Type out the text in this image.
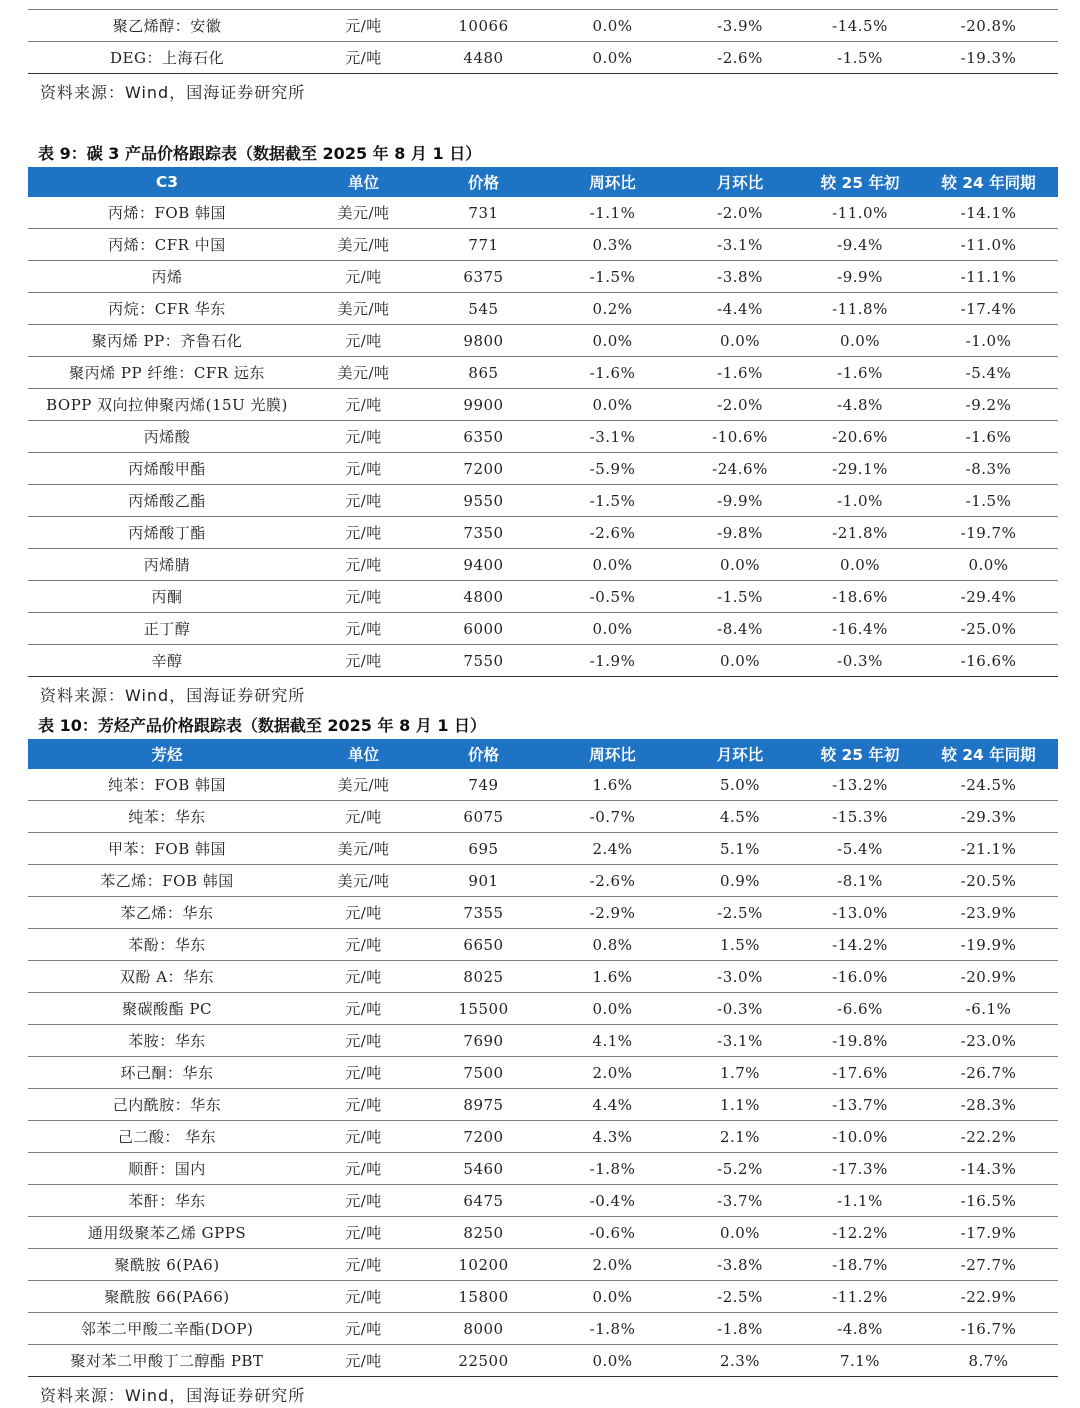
聚乙烯醇：安徽	元/吨	10066	0.0%	-3.9%	-14.5%	-20.8%
DEG：上海石化	元/吨	4480	0.0%	-2.6%	-1.5%	-19.3%
资料来源：Wind，国海证券研究所
表 9：碳 3 产品价格跟踪表（数据截至 2025 年 8 月 1 日）
C3	单位	价格	周环比	月环比	较 25 年初	较 24 年同期
丙烯：FOB 韩国	美元/吨	731	-1.1%	-2.0%	-11.0%	-14.1%
丙烯：CFR 中国	美元/吨	771	0.3%	-3.1%	-9.4%	-11.0%
丙烯	元/吨	6375	-1.5%	-3.8%	-9.9%	-11.1%
丙烷：CFR 华东	美元/吨	545	0.2%	-4.4%	-11.8%	-17.4%
聚丙烯 PP：齐鲁石化	元/吨	9800	0.0%	0.0%	0.0%	-1.0%
聚丙烯 PP 纤维：CFR 远东	美元/吨	865	-1.6%	-1.6%	-1.6%	-5.4%
BOPP 双向拉伸聚丙烯(15U 光膜)	元/吨	9900	0.0%	-2.0%	-4.8%	-9.2%
丙烯酸	元/吨	6350	-3.1%	-10.6%	-20.6%	-1.6%
丙烯酸甲酯	元/吨	7200	-5.9%	-24.6%	-29.1%	-8.3%
丙烯酸乙酯	元/吨	9550	-1.5%	-9.9%	-1.0%	-1.5%
丙烯酸丁酯	元/吨	7350	-2.6%	-9.8%	-21.8%	-19.7%
丙烯腈	元/吨	9400	0.0%	0.0%	0.0%	0.0%
丙酮	元/吨	4800	-0.5%	-1.5%	-18.6%	-29.4%
正丁醇	元/吨	6000	0.0%	-8.4%	-16.4%	-25.0%
辛醇	元/吨	7550	-1.9%	0.0%	-0.3%	-16.6%
资料来源：Wind，国海证券研究所
表 10：芳烃产品价格跟踪表（数据截至 2025 年 8 月 1 日）
芳烃	单位	价格	周环比	月环比	较 25 年初	较 24 年同期
纯苯：FOB 韩国	美元/吨	749	1.6%	5.0%	-13.2%	-24.5%
纯苯：华东	元/吨	6075	-0.7%	4.5%	-15.3%	-29.3%
甲苯：FOB 韩国	美元/吨	695	2.4%	5.1%	-5.4%	-21.1%
苯乙烯：FOB 韩国	美元/吨	901	-2.6%	0.9%	-8.1%	-20.5%
苯乙烯：华东	元/吨	7355	-2.9%	-2.5%	-13.0%	-23.9%
苯酚：华东	元/吨	6650	0.8%	1.5%	-14.2%	-19.9%
双酚 A：华东	元/吨	8025	1.6%	-3.0%	-16.0%	-20.9%
聚碳酸酯 PC	元/吨	15500	0.0%	-0.3%	-6.6%	-6.1%
苯胺：华东	元/吨	7690	4.1%	-3.1%	-19.8%	-23.0%
环己酮：华东	元/吨	7500	2.0%	1.7%	-17.6%	-26.7%
己内酰胺：华东	元/吨	8975	4.4%	1.1%	-13.7%	-28.3%
己二酸： 华东	元/吨	7200	4.3%	2.1%	-10.0%	-22.2%
顺酐：国内	元/吨	5460	-1.8%	-5.2%	-17.3%	-14.3%
苯酐：华东	元/吨	6475	-0.4%	-3.7%	-1.1%	-16.5%
通用级聚苯乙烯 GPPS	元/吨	8250	-0.6%	0.0%	-12.2%	-17.9%
聚酰胺 6(PA6)	元/吨	10200	2.0%	-3.8%	-18.7%	-27.7%
聚酰胺 66(PA66)	元/吨	15800	0.0%	-2.5%	-11.2%	-22.9%
邻苯二甲酸二辛酯(DOP)	元/吨	8000	-1.8%	-1.8%	-4.8%	-16.7%
聚对苯二甲酸丁二醇酯 PBT	元/吨	22500	0.0%	2.3%	7.1%	8.7%
资料来源：Wind，国海证券研究所
